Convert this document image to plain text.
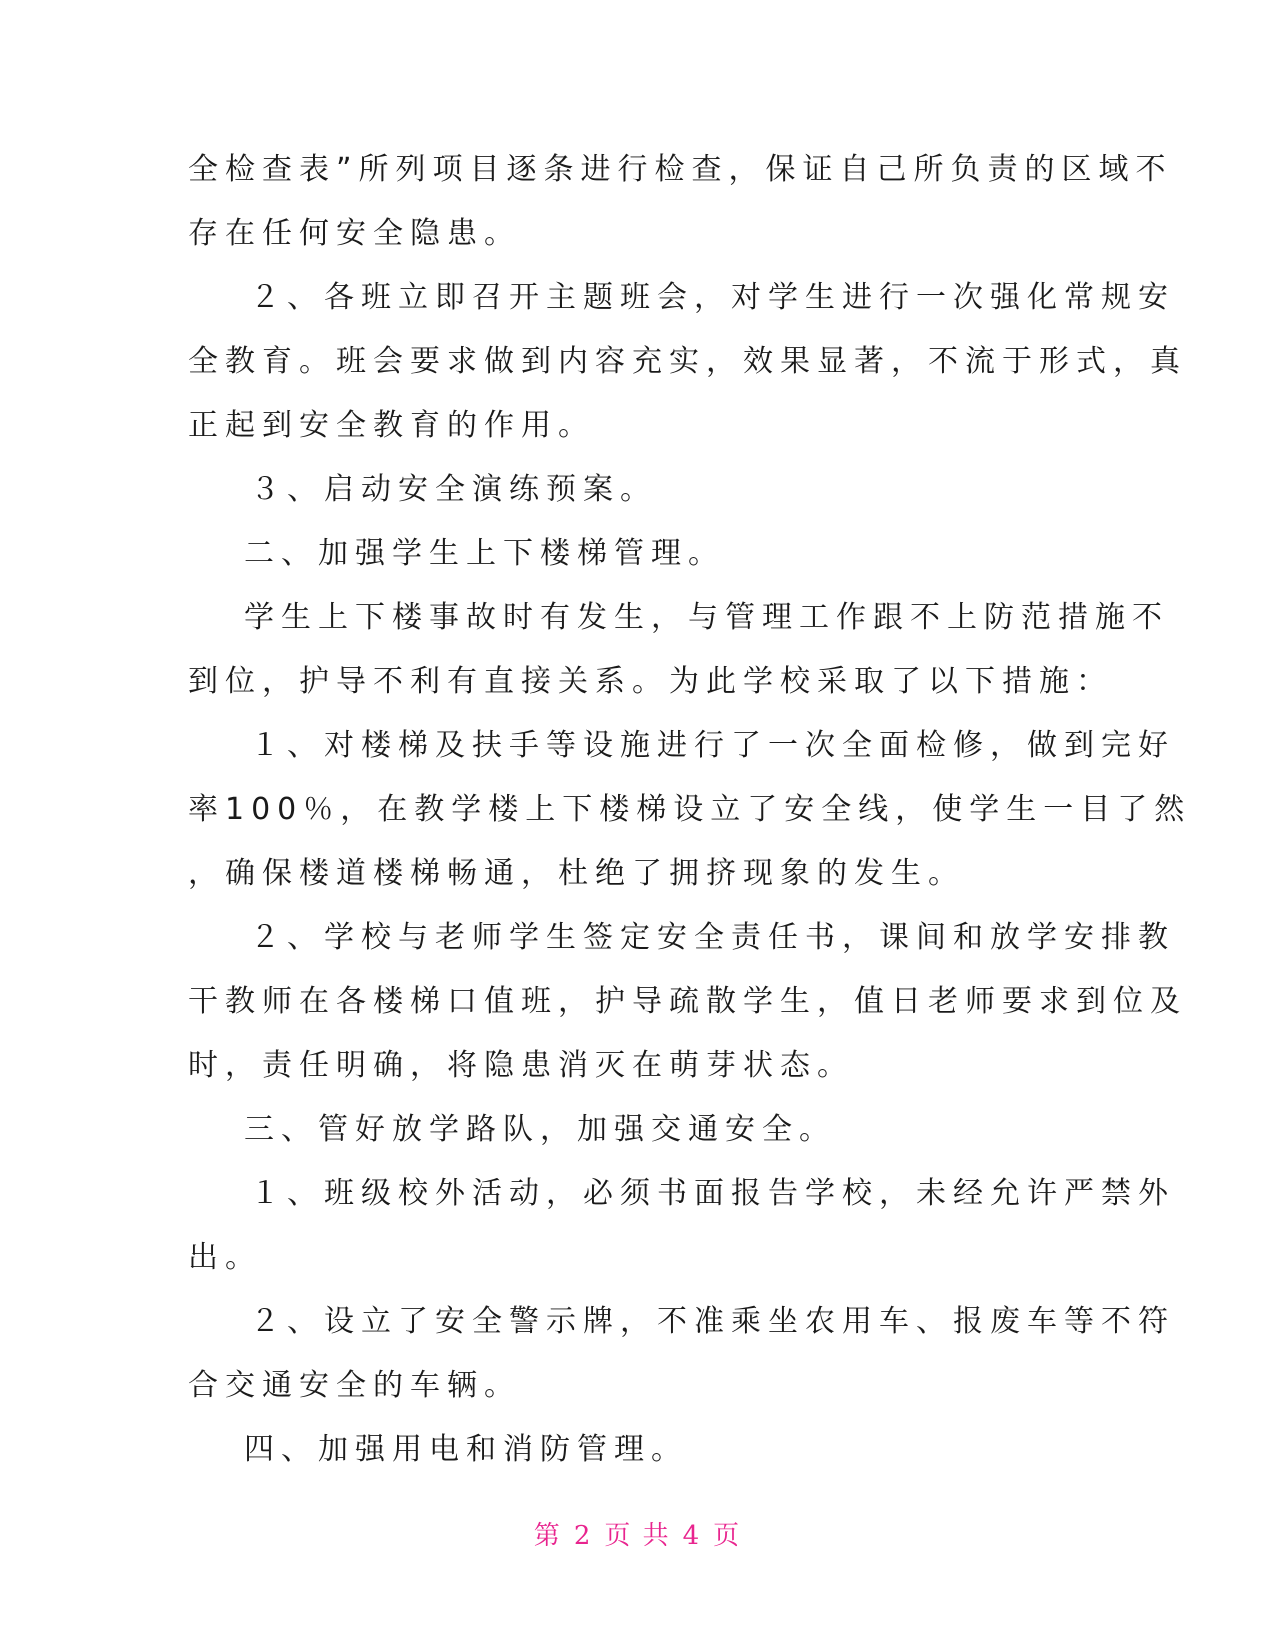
全检查表”所列项目逐条进行检查，保证自己所负责的区域不
存在任何安全隐患。
２、各班立即召开主题班会，对学生进行一次强化常规安
全教育。班会要求做到内容充实，效果显著，不流于形式，真
正起到安全教育的作用。
３、启动安全演练预案。
二、加强学生上下楼梯管理。
学生上下楼事故时有发生，与管理工作跟不上防范措施不
到位，护导不利有直接关系。为此学校采取了以下措施：
１、对楼梯及扶手等设施进行了一次全面检修，做到完好
率100％，在教学楼上下楼梯设立了安全线，使学生一目了然
，确保楼道楼梯畅通，杜绝了拥挤现象的发生。
２、学校与老师学生签定安全责任书，课间和放学安排教
干教师在各楼梯口值班，护导疏散学生，值日老师要求到位及
时，责任明确，将隐患消灭在萌芽状态。
三、管好放学路队，加强交通安全。
１、班级校外活动，必须书面报告学校，未经允许严禁外
出。
２、设立了安全警示牌，不准乘坐农用车、报废车等不符
合交通安全的车辆。
四、加强用电和消防管理。
第 2 页 共 4 页
